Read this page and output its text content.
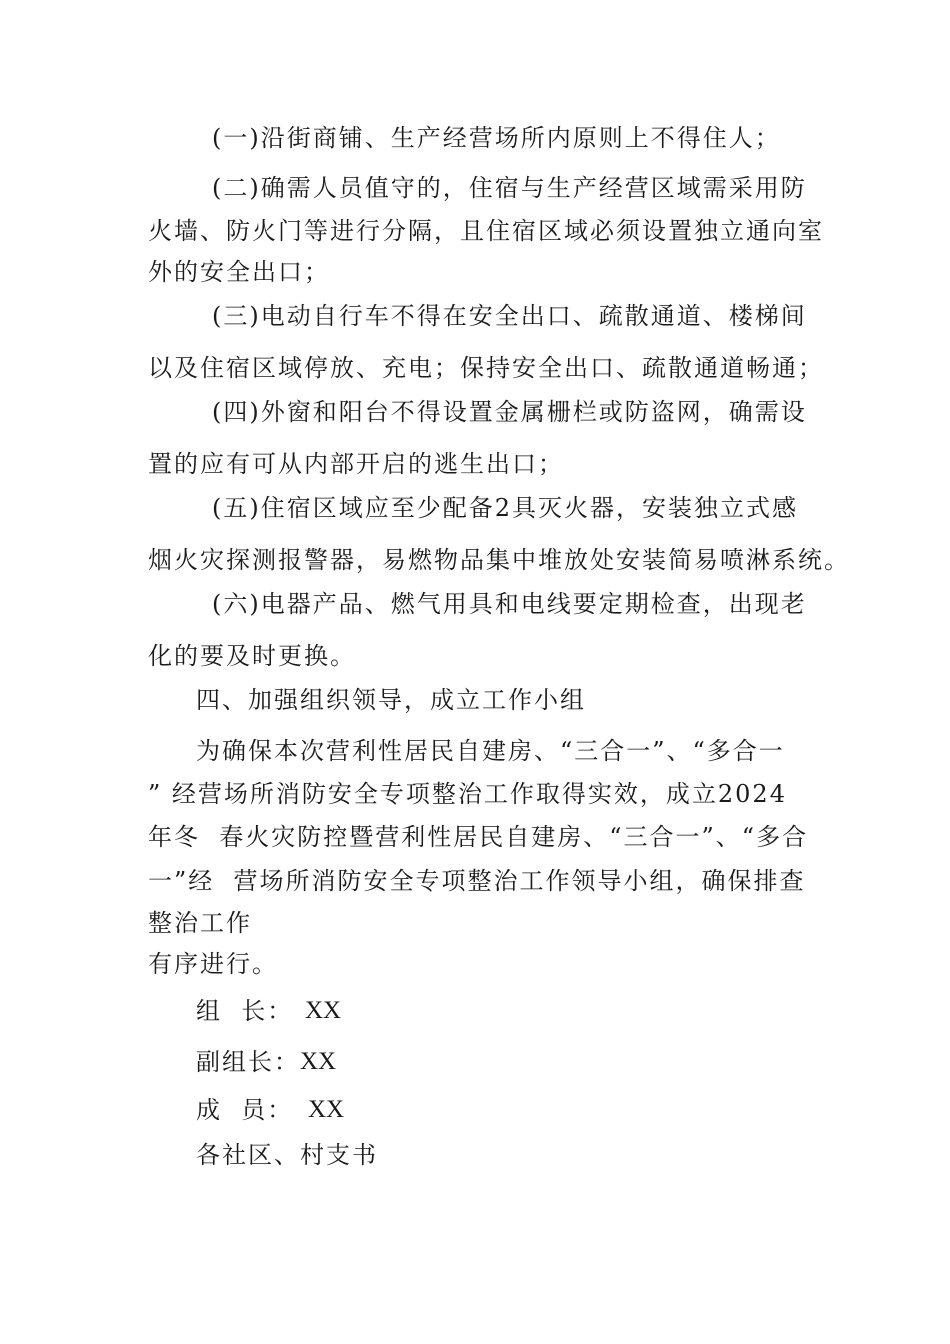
(一)沿街商铺、生产经营场所内原则上不得住人；
(二)确需人员值守的，住宿与生产经营区域需采用防
火墙、防火门等进行分隔，且住宿区域必须设置独立通向室
外的安全出口；
(三)电动自行车不得在安全出口、疏散通道、楼梯间
以及住宿区域停放、充电；保持安全出口、疏散通道畅通；
(四)外窗和阳台不得设置金属栅栏或防盗网，确需设
置的应有可从内部开启的逃生出口；
(五)住宿区域应至少配备2具灭火器，安装独立式感
烟火灾探测报警器，易燃物品集中堆放处安装简易喷淋系统。
(六)电器产品、燃气用具和电线要定期检查，出现老
化的要及时更换。
四、加强组织领导，成立工作小组
为确保本次营利性居民自建房、“三合一”、“多合一
” 经营场所消防安全专项整治工作取得实效，成立2024
年冬  春火灾防控暨营利性居民自建房、“三合一”、“多合
一”经  营场所消防安全专项整治工作领导小组，确保排查
整治工作
有序进行。
组  长： XX
副组长： XX
成  员： XX
各社区、村支书
